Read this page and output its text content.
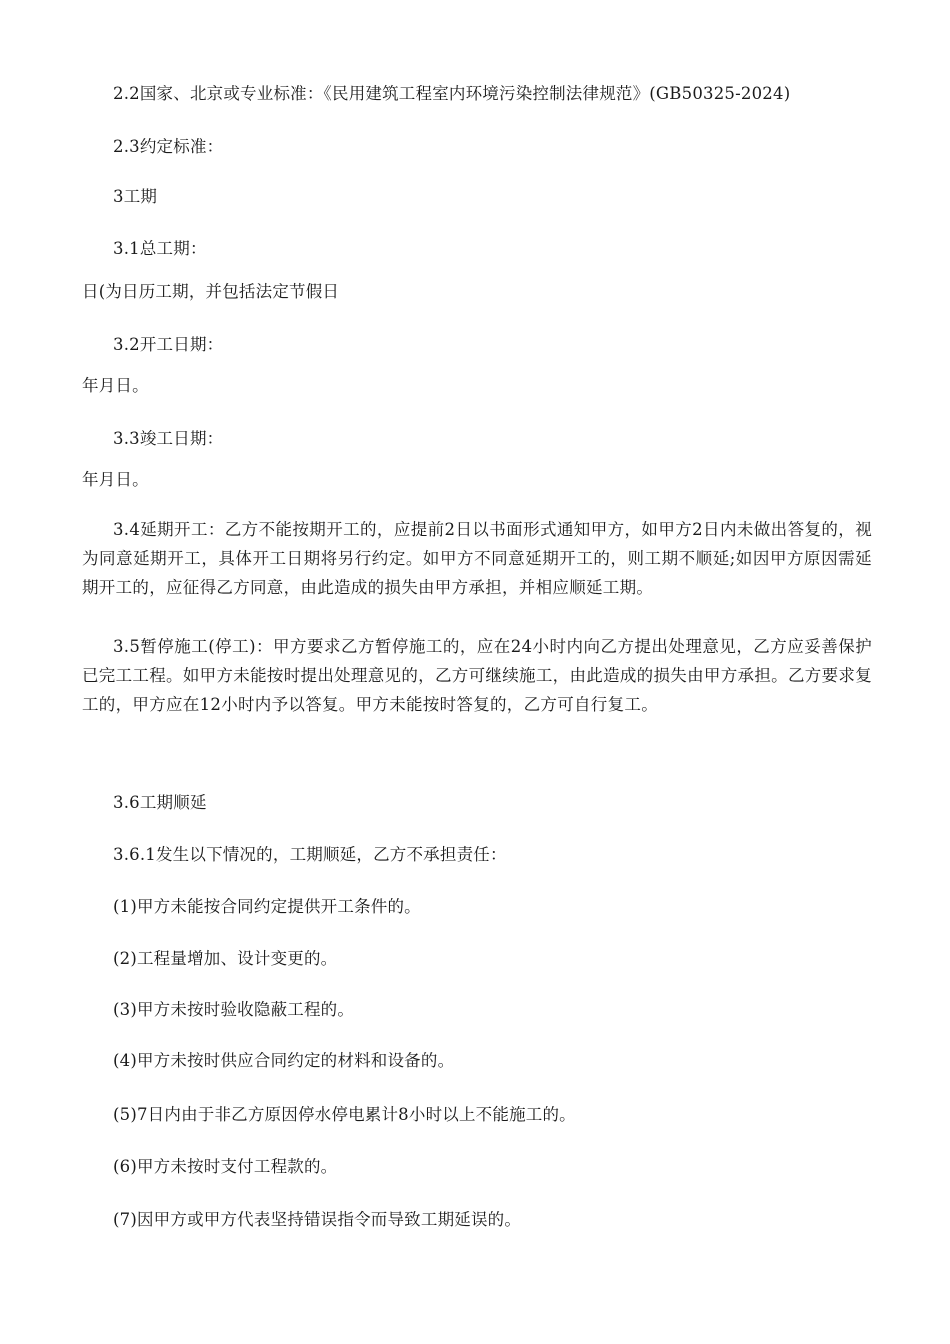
2.2国家、北京或专业标准：《民用建筑工程室内环境污染控制法律规范》(GB50325-2024)
2.3约定标准：
3工期
3.1总工期：
日(为日历工期，并包括法定节假日
3.2开工日期：
年月日。
3.3竣工日期：
年月日。
3.4延期开工：乙方不能按期开工的，应提前2日以书面形式通知甲方，如甲方2日内未做出答复的，视为同意延期开工，具体开工日期将另行约定。如甲方不同意延期开工的，则工期不顺延;如因甲方原因需延期开工的，应征得乙方同意，由此造成的损失由甲方承担，并相应顺延工期。
3.5暂停施工(停工)：甲方要求乙方暂停施工的，应在24小时内向乙方提出处理意见，乙方应妥善保护已完工工程。如甲方未能按时提出处理意见的，乙方可继续施工，由此造成的损失由甲方承担。乙方要求复工的，甲方应在12小时内予以答复。甲方未能按时答复的，乙方可自行复工。
3.6工期顺延
3.6.1发生以下情况的，工期顺延，乙方不承担责任：
(1)甲方未能按合同约定提供开工条件的。
(2)工程量增加、设计变更的。
(3)甲方未按时验收隐蔽工程的。
(4)甲方未按时供应合同约定的材料和设备的。
(5)7日内由于非乙方原因停水停电累计8小时以上不能施工的。
(6)甲方未按时支付工程款的。
(7)因甲方或甲方代表坚持错误指令而导致工期延误的。
